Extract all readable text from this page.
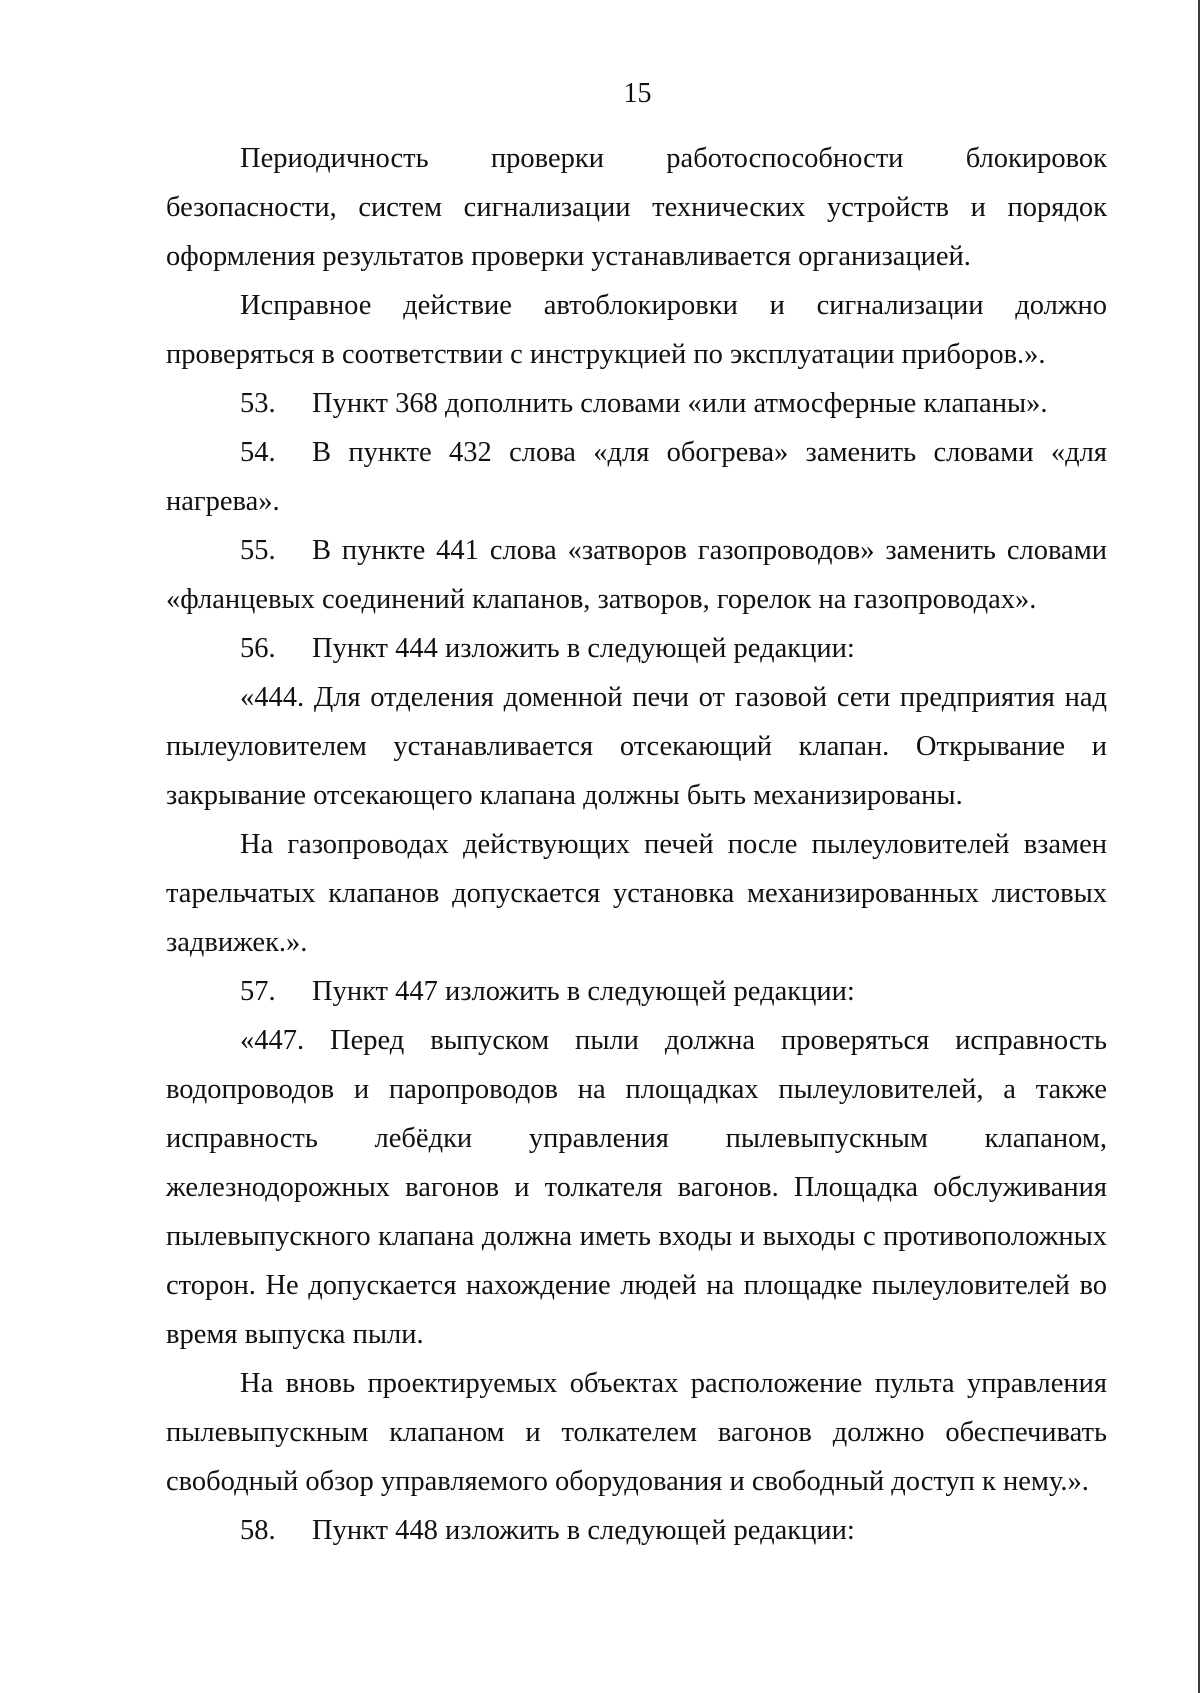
15

Периодичность проверки работоспособности блокировок безопасности, систем сигнализации технических устройств и порядок оформления результатов проверки устанавливается организацией.

Исправное действие автоблокировки и сигнализации должно проверяться в соответствии с инструкцией по эксплуатации приборов.».

53. Пункт 368 дополнить словами «или атмосферные клапаны».
54. В пункте 432 слова «для обогрева» заменить словами «для нагрева».
55. В пункте 441 слова «затворов газопроводов» заменить словами «фланцевых соединений клапанов, затворов, горелок на газопроводах».
56. Пункт 444 изложить в следующей редакции:

«444. Для отделения доменной печи от газовой сети предприятия над пылеуловителем устанавливается отсекающий клапан. Открывание и закрывание отсекающего клапана должны быть механизированы.

На газопроводах действующих печей после пылеуловителей взамен тарельчатых клапанов допускается установка механизированных листовых задвижек.».

57. Пункт 447 изложить в следующей редакции:

«447. Перед выпуском пыли должна проверяться исправность водопроводов и паропроводов на площадках пылеуловителей, а также исправность лебёдки управления пылевыпускным клапаном, железнодорожных вагонов и толкателя вагонов. Площадка обслуживания пылевыпускного клапана должна иметь входы и выходы с противоположных сторон. Не допускается нахождение людей на площадке пылеуловителей во время выпуска пыли.

На вновь проектируемых объектах расположение пульта управления пылевыпускным клапаном и толкателем вагонов должно обеспечивать свободный обзор управляемого оборудования и свободный доступ к нему.».

58. Пункт 448 изложить в следующей редакции:
